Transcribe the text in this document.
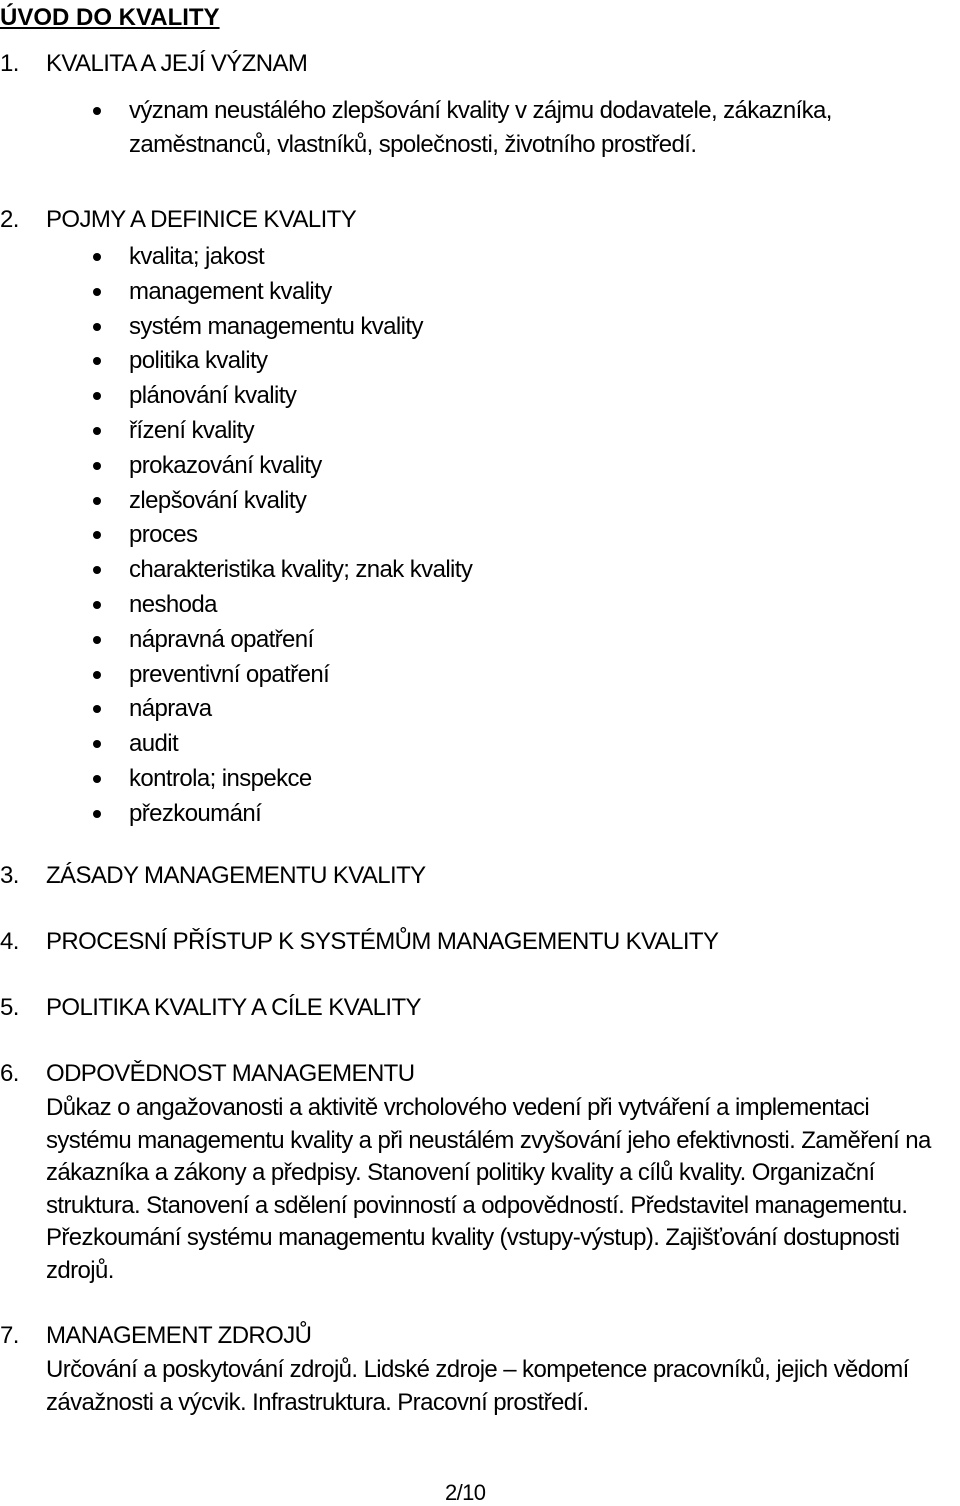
ÚVOD DO KVALITY
1. KVALITA A JEJÍ VÝZNAM
význam neustálého zlepšování kvality v zájmu dodavatele, zákazníka, zaměstnanců, vlastníků, společnosti, životního prostředí.
2. POJMY A DEFINICE KVALITY
kvalita; jakost
management kvality
systém managementu kvality
politika kvality
plánování kvality
řízení kvality
prokazování kvality
zlepšování kvality
proces
charakteristika kvality; znak kvality
neshoda
nápravná opatření
preventivní opatření
náprava
audit
kontrola; inspekce
přezkoumání
3. ZÁSADY MANAGEMENTU KVALITY
4. PROCESNÍ PŘÍSTUP K SYSTÉMŮM MANAGEMENTU KVALITY
5. POLITIKA KVALITY A CÍLE KVALITY
6. ODPOVĚDNOST MANAGEMENTU
Důkaz o angažovanosti a aktivitě vrcholového vedení při vytváření a implementaci systému managementu kvality a při neustálém zvyšování jeho efektivnosti. Zaměření na zákazníka a zákony a předpisy. Stanovení politiky kvality a cílů kvality. Organizační struktura. Stanovení a sdělení povinností a odpovědností. Představitel managementu. Přezkoumání systému managementu kvality (vstupy-výstup). Zajišťování dostupnosti zdrojů.
7. MANAGEMENT ZDROJŮ
Určování a poskytování zdrojů. Lidské zdroje – kompetence pracovníků, jejich vědomí závažnosti a výcvik. Infrastruktura. Pracovní prostředí.
2/10
